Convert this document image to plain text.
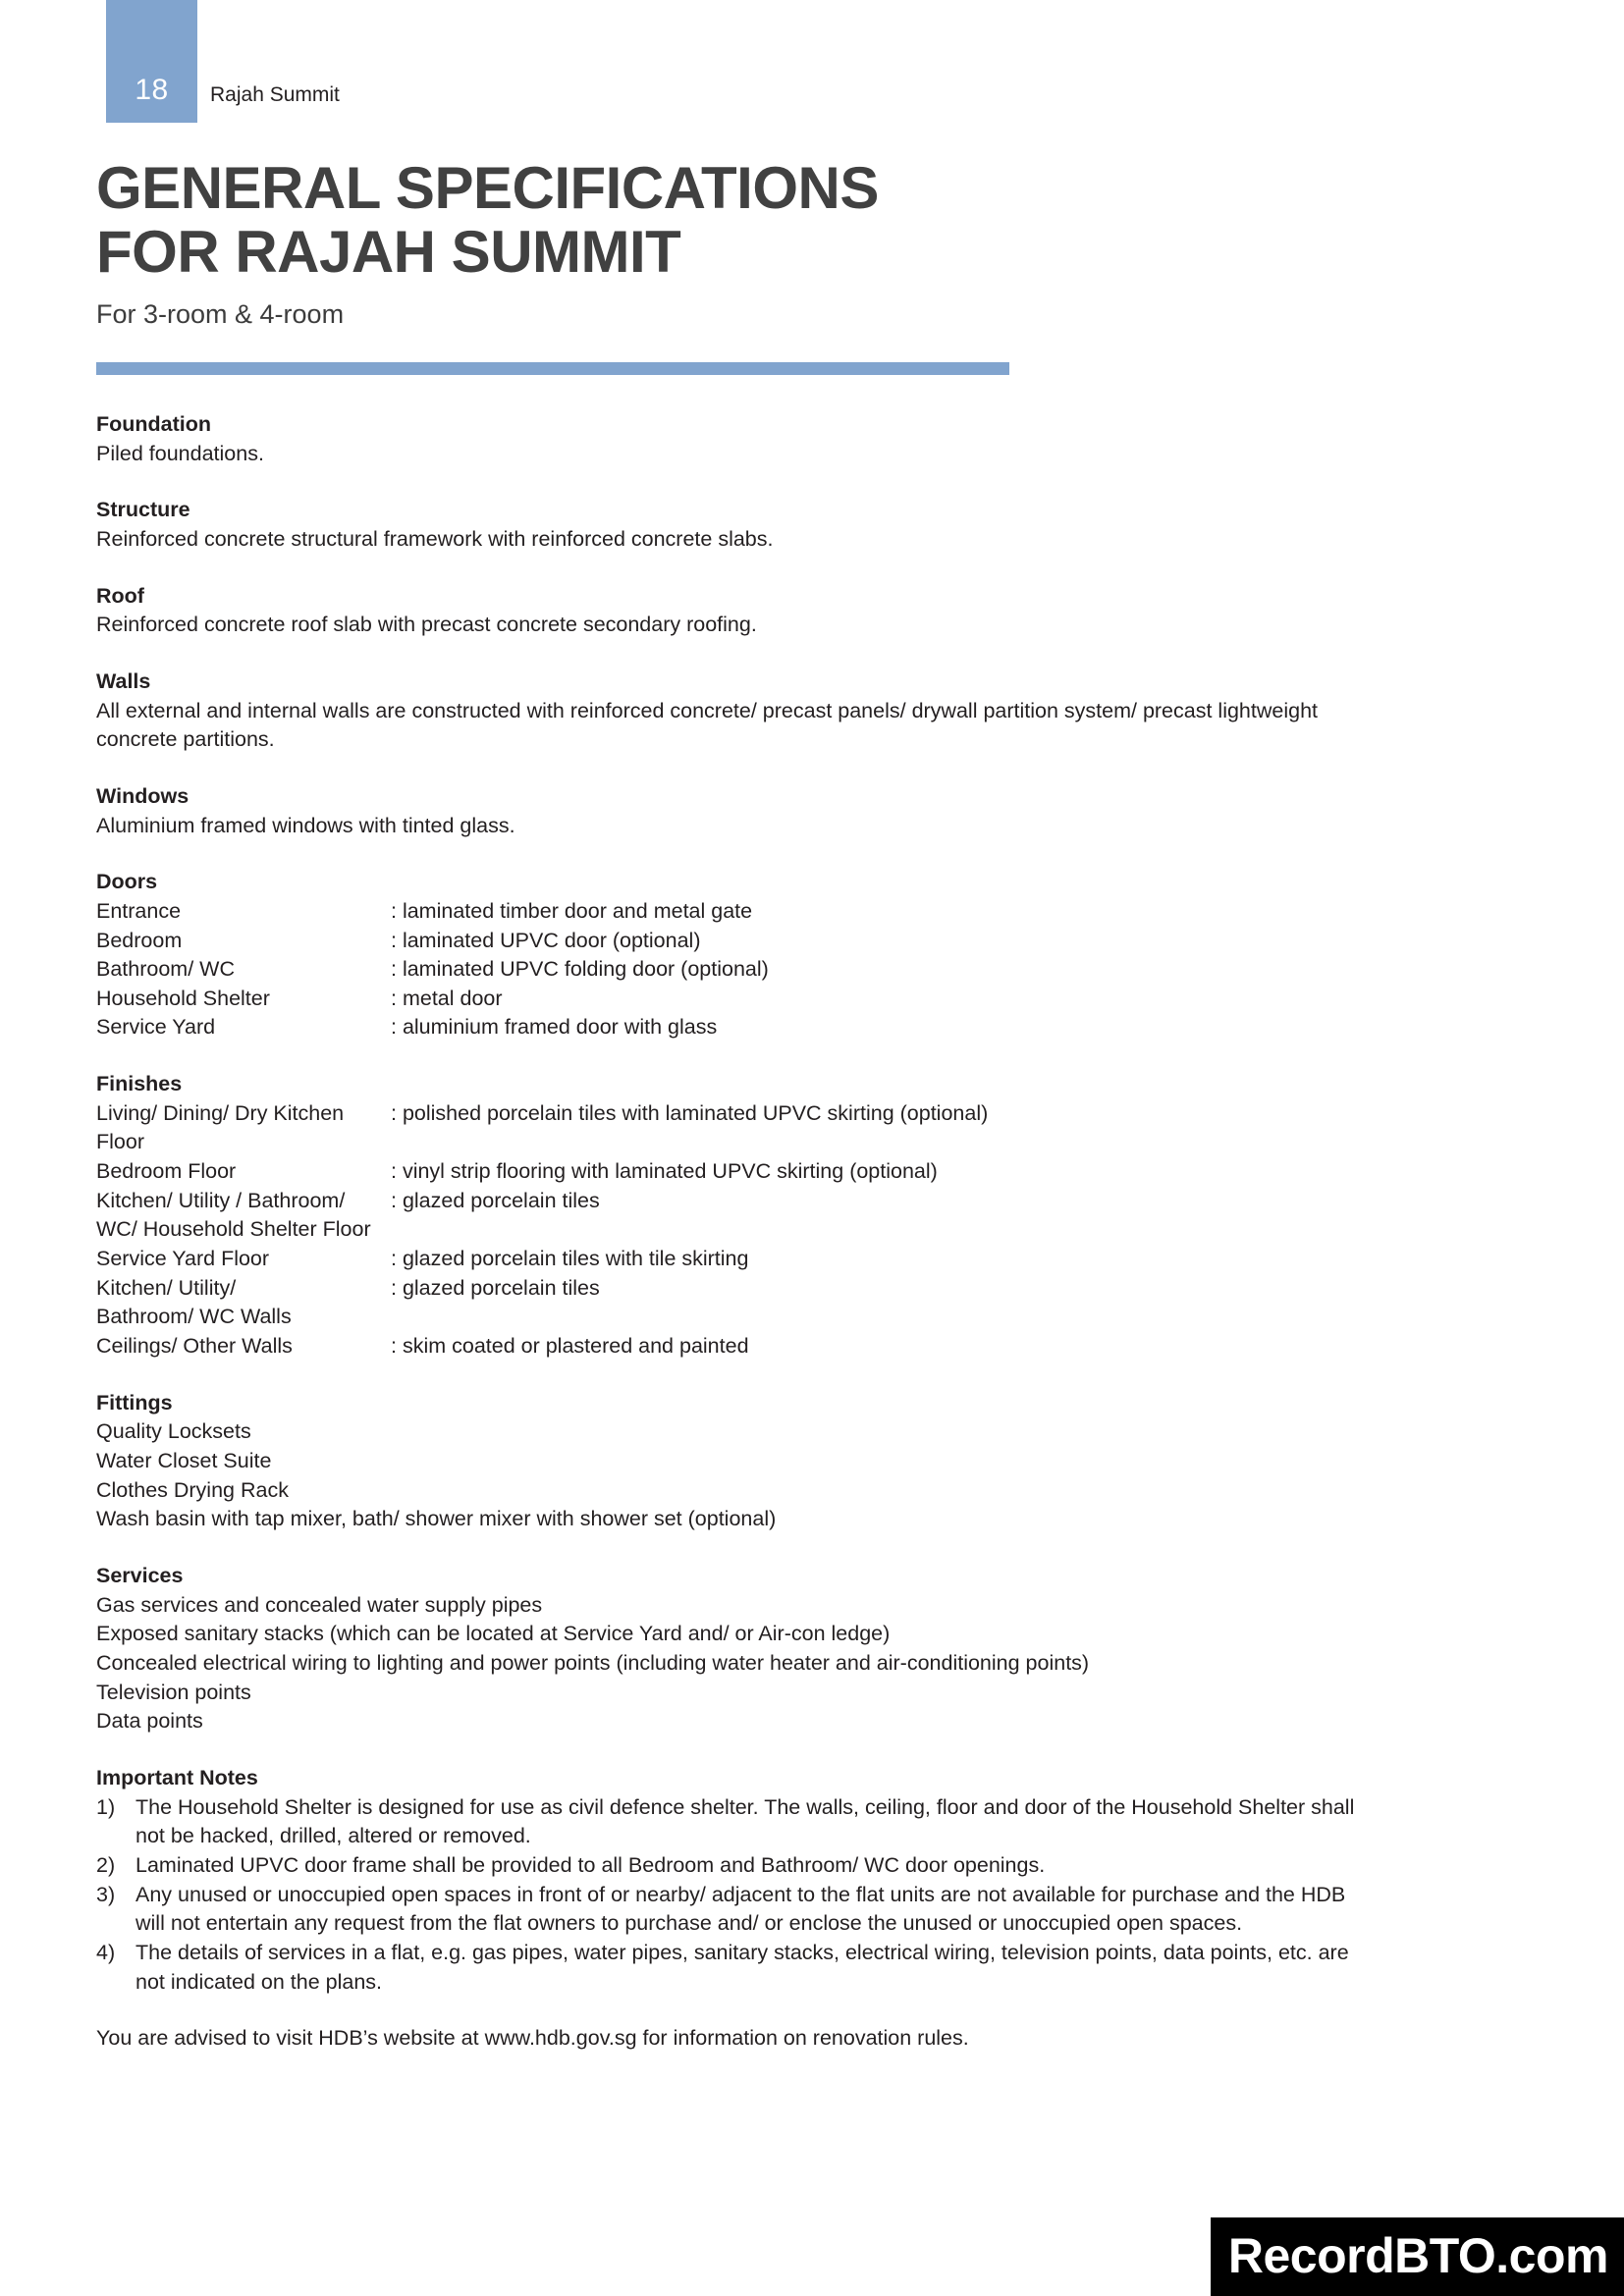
18 Rajah Summit
GENERAL SPECIFICATIONS
FOR RAJAH SUMMIT
For 3-room & 4-room
Foundation
Piled foundations.
Structure
Reinforced concrete structural framework with reinforced concrete slabs.
Roof
Reinforced concrete roof slab with precast concrete secondary roofing.
Walls
All external and internal walls are constructed with reinforced concrete/ precast panels/ drywall partition system/ precast lightweight concrete partitions.
Windows
Aluminium framed windows with tinted glass.
Doors
Entrance	: laminated timber door and metal gate
Bedroom	: laminated UPVC door (optional)
Bathroom/ WC	: laminated UPVC folding door (optional)
Household Shelter	: metal door
Service Yard	: aluminium framed door with glass
Finishes
Living/ Dining/ Dry Kitchen	: polished porcelain tiles with laminated UPVC skirting (optional)
Floor
Bedroom Floor	: vinyl strip flooring with laminated UPVC skirting (optional)
Kitchen/ Utility / Bathroom/	: glazed porcelain tiles
WC/ Household Shelter Floor
Service Yard Floor	: glazed porcelain tiles with tile skirting
Kitchen/ Utility/	: glazed porcelain tiles
Bathroom/ WC Walls
Ceilings/ Other Walls	: skim coated or plastered and painted
Fittings
Quality Locksets
Water Closet Suite
Clothes Drying Rack
Wash basin with tap mixer, bath/ shower mixer with shower set (optional)
Services
Gas services and concealed water supply pipes
Exposed sanitary stacks (which can be located at Service Yard and/ or Air-con ledge)
Concealed electrical wiring to lighting and power points (including water heater and air-conditioning points)
Television points
Data points
Important Notes
1) The Household Shelter is designed for use as civil defence shelter. The walls, ceiling, floor and door of the Household Shelter shall not be hacked, drilled, altered or removed.
2) Laminated UPVC door frame shall be provided to all Bedroom and Bathroom/ WC door openings.
3) Any unused or unoccupied open spaces in front of or nearby/ adjacent to the flat units are not available for purchase and the HDB will not entertain any request from the flat owners to purchase and/ or enclose the unused or unoccupied open spaces.
4) The details of services in a flat, e.g. gas pipes, water pipes, sanitary stacks, electrical wiring, television points, data points, etc. are not indicated on the plans.
You are advised to visit HDB’s website at www.hdb.gov.sg for information on renovation rules.
RecordBTO.com
